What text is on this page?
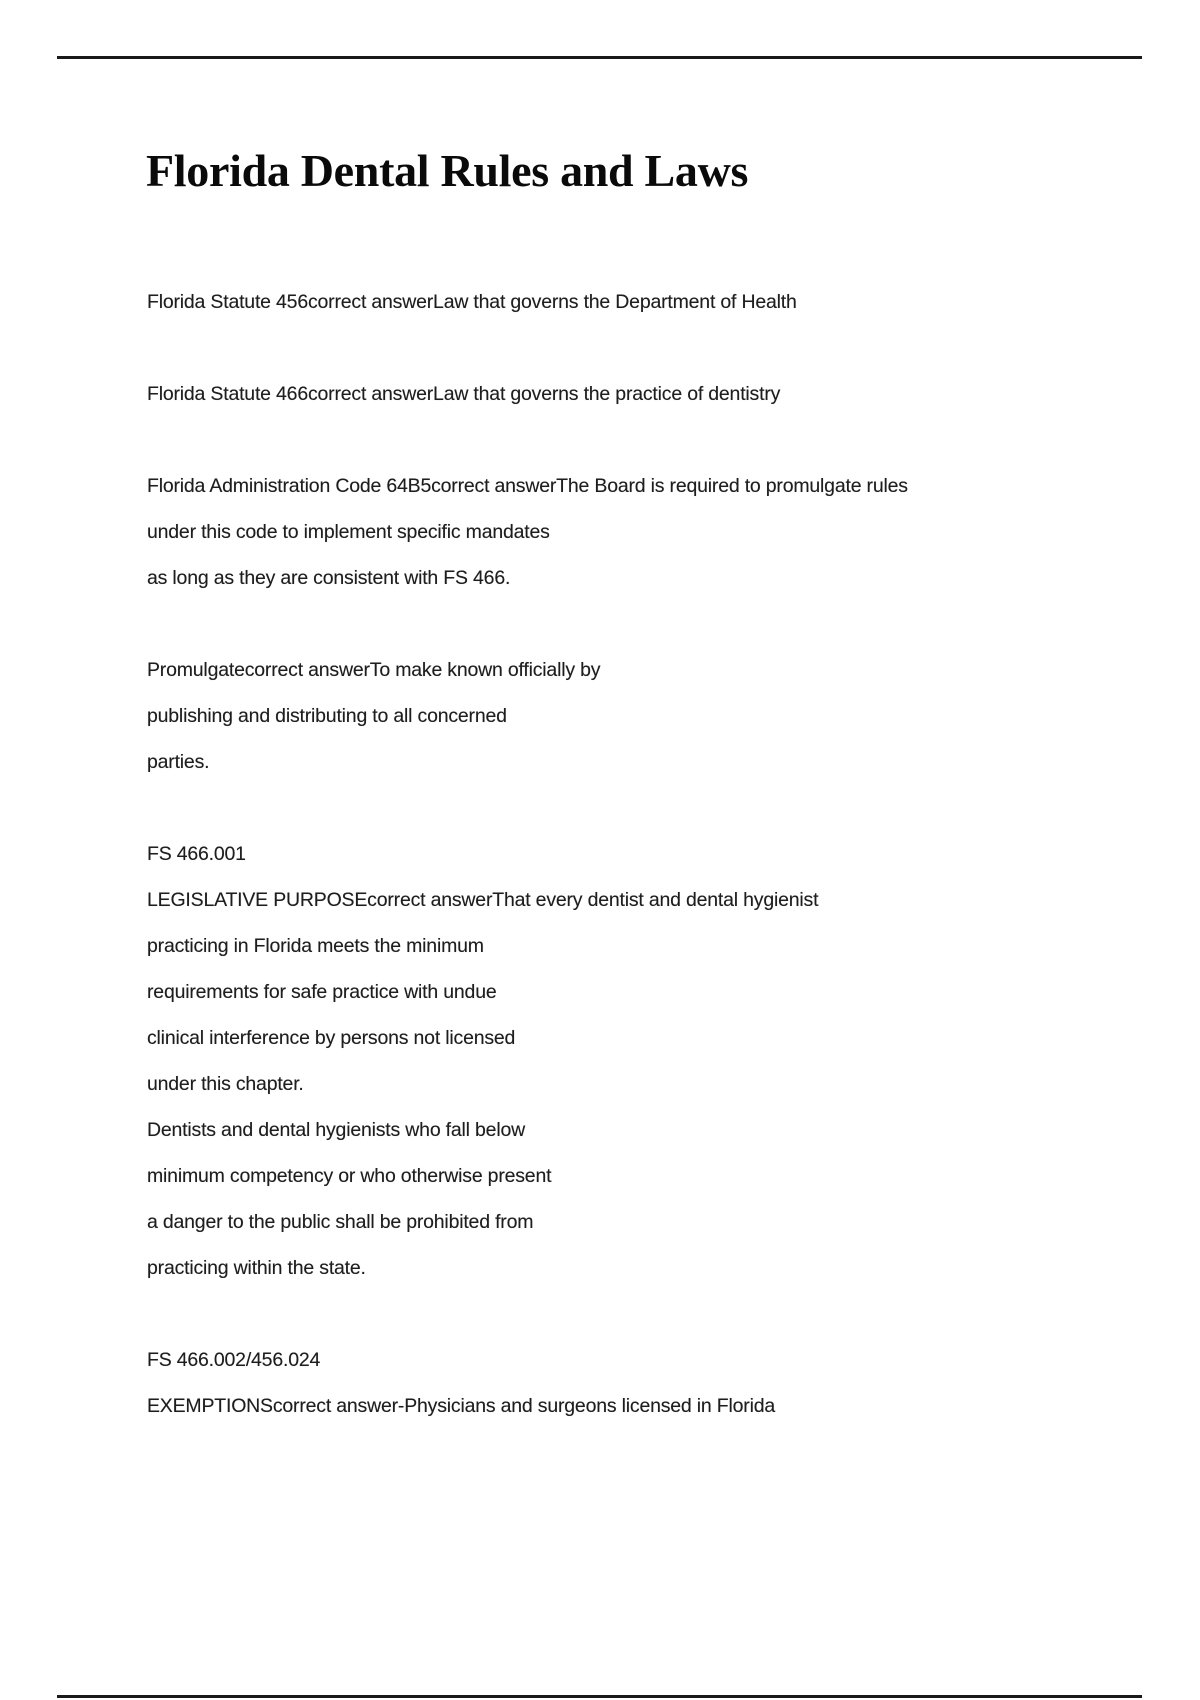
Florida Dental Rules and Laws

Florida Statute 456correct answerLaw that governs the Department of Health

Florida Statute 466correct answerLaw that governs the practice of dentistry

Florida Administration Code 64B5correct answerThe Board is required to promulgate rules
under this code to implement specific mandates
as long as they are consistent with FS 466.

Promulgatecorrect answerTo make known officially by
publishing and distributing to all concerned
parties.

FS 466.001
LEGISLATIVE PURPOSEcorrect answerThat every dentist and dental hygienist
practicing in Florida meets the minimum
requirements for safe practice with undue
clinical interference by persons not licensed
under this chapter.
Dentists and dental hygienists who fall below
minimum competency or who otherwise present
a danger to the public shall be prohibited from
practicing within the state.

FS 466.002/456.024
EXEMPTIONScorrect answer-Physicians and surgeons licensed in Florida
